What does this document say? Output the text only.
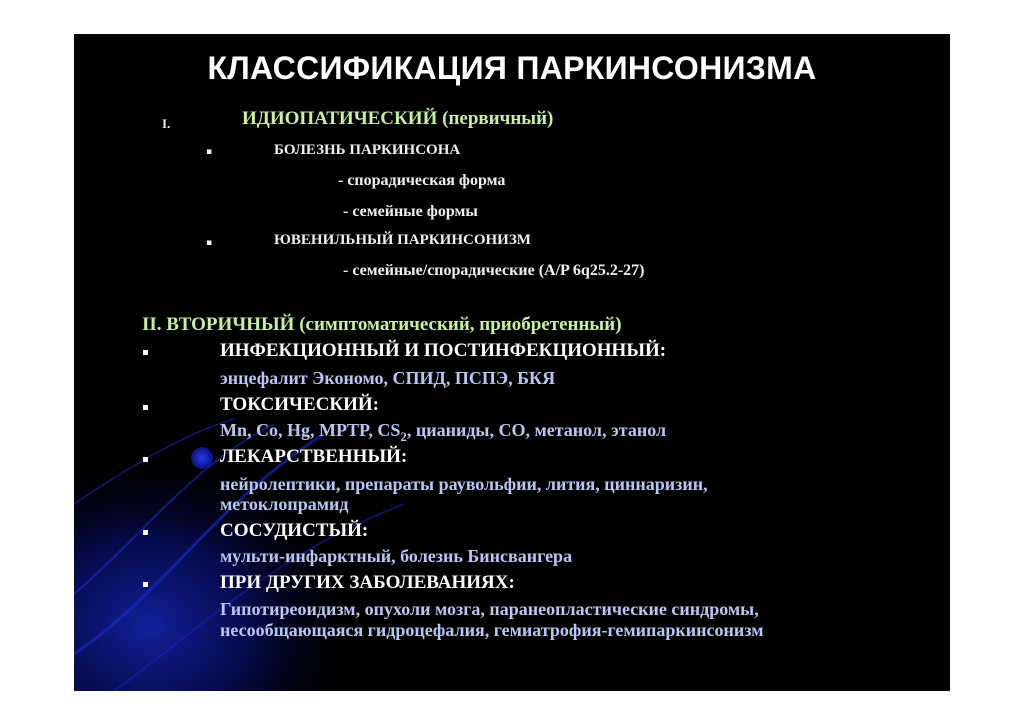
КЛАССИФИКАЦИЯ ПАРКИНСОНИЗМА
I.	ИДИОПАТИЧЕСКИЙ (первичный)
▪	БОЛЕЗНЬ ПАРКИНСОНА
- спорадическая форма
- семейные формы
▪	ЮВЕНИЛЬНЫЙ ПАРКИНСОНИЗМ
- семейные/спорадические (A/P 6q25.2-27)
II. ВТОРИЧНЫЙ (симптоматический, приобретенный)
▪	ИНФЕКЦИОННЫЙ И ПОСТИНФЕКЦИОННЫЙ:
энцефалит Экономо, СПИД, ПСПЭ, БКЯ
▪	ТОКСИЧЕСКИЙ:
Mn, Co, Hg, MPTP, $CS_2$, цианиды, СО, метанол, этанол
▪	ЛЕКАРСТВЕННЫЙ:
нейролептики, препараты раувольфии, лития, циннаризин,
метоклопрамид
▪	СОСУДИСТЫЙ:
мульти-инфарктный, болезнь Бинсвангера
▪	ПРИ ДРУГИХ ЗАБОЛЕВАНИЯХ:
Гипотиреоидизм, опухоли мозга, паранеопластические синдромы,
несообщающаяся гидроцефалия, гемиатрофия-гемипаркинсонизм
